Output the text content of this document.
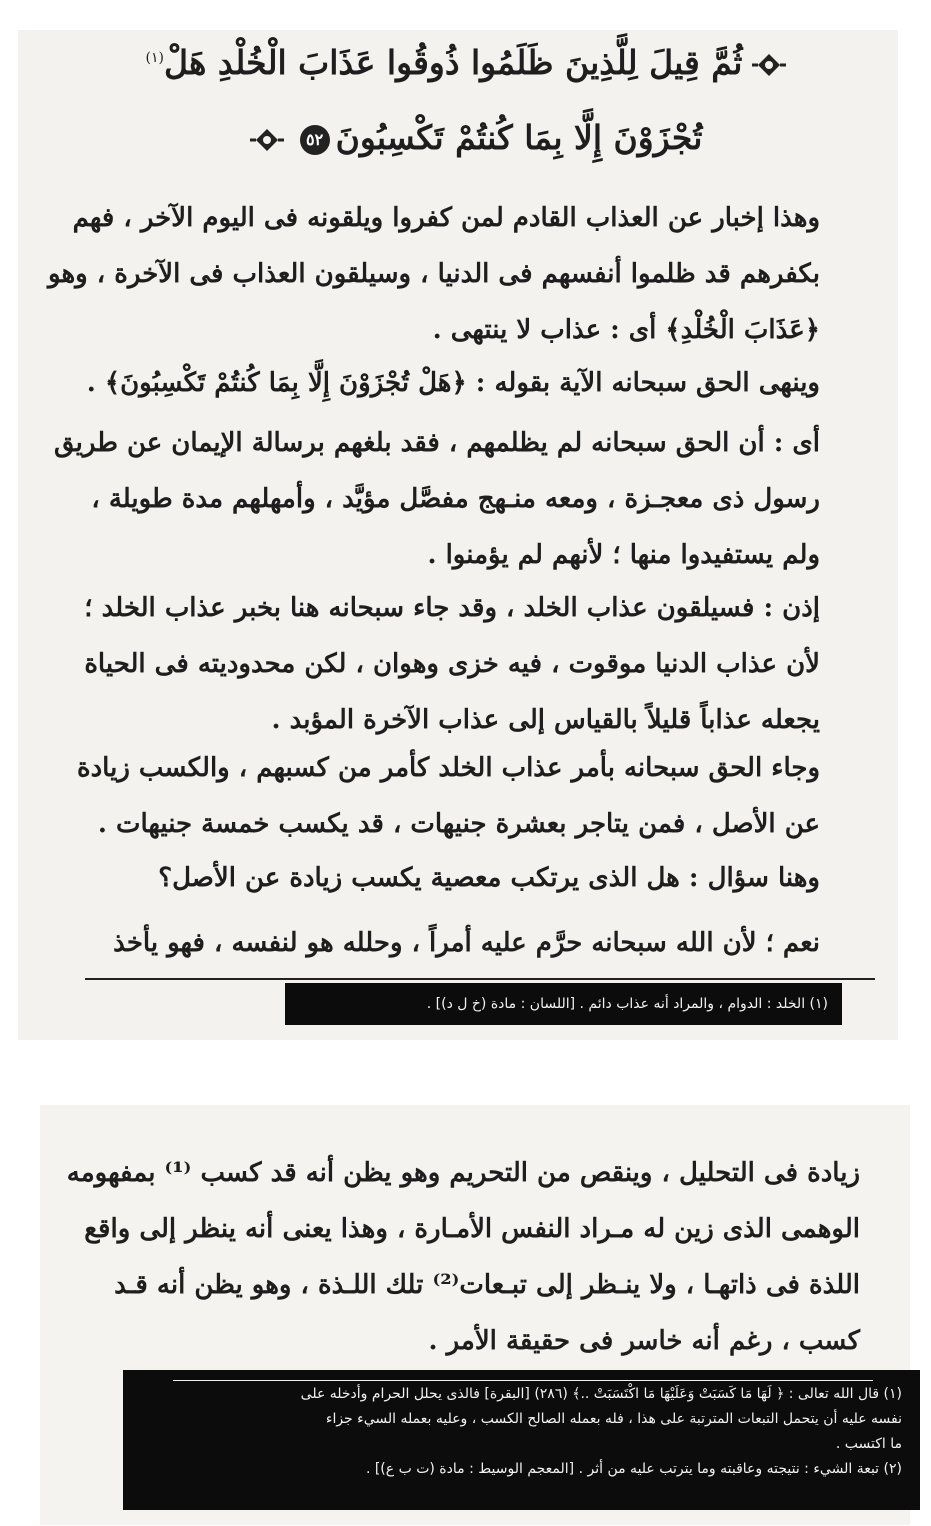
ثُمَّ قِيلَ لِلَّذِينَ ظَلَمُوا ذُوقُوا عَذَابَ الْخُلْدِ هَلْ$^{(١)}$
تُجْزَوْنَ إِلَّا بِمَا كُنتُمْ تَكْسِبُونَ٥٢
وهذا إخبار عن العذاب القادم لمن كفروا ويلقونه فى اليوم الآخر ، فهم
بكفرهم قد ظلموا أنفسهم فى الدنيا ، وسيلقون العذاب فى الآخرة ، وهو
﴿عَذَابَ الْخُلْدِ﴾ أى : عذاب لا ينتهى .
وينهى الحق سبحانه الآية بقوله : ﴿هَلْ تُجْزَوْنَ إِلَّا بِمَا كُنتُمْ تَكْسِبُونَ﴾ .
أى : أن الحق سبحانه لم يظلمهم ، فقد بلغهم برسالة الإيمان عن طريق
رسول ذى معجـزة ، ومعه منـهج مفصَّل مؤيَّد ، وأمهلهم مدة طويلة ،
ولم يستفيدوا منها ؛ لأنهم لم يؤمنوا .
إذن : فسيلقون عذاب الخلد ، وقد جاء سبحانه هنا بخبر عذاب الخلد ؛
لأن عذاب الدنيا موقوت ، فيه خزى وهوان ، لكن محدوديته فى الحياة
يجعله عذاباً قليلاً بالقياس إلى عذاب الآخرة المؤبد .
وجاء الحق سبحانه بأمر عذاب الخلد كأمر من كسبهم ، والكسب زيادة
عن الأصل ، فمن يتاجر بعشرة جنيهات ، قد يكسب خمسة جنيهات .
وهنا سؤال : هل الذى يرتكب معصية يكسب زيادة عن الأصل؟
نعم ؛ لأن الله سبحانه حرَّم عليه أمراً ، وحلله هو لنفسه ، فهو يأخذ
(١) الخلد : الدوام ، والمراد أنه عذاب دائم . [اللسان : مادة (خ ل د)] .
زيادة فى التحليل ، وينقص من التحريم وهو يظن أنه قد كسب ⁽¹⁾ بمفهومه
الوهمى الذى زين له مـراد النفس الأمـارة ، وهذا يعنى أنه ينظر إلى واقع
اللذة فى ذاتهـا ، ولا ينـظر إلى تبـعات⁽²⁾ تلك اللـذة ، وهو يظن أنه قـد
كسب ، رغم أنه خاسر فى حقيقة الأمر .
(١) قال الله تعالى : ﴿ لَهَا مَا كَسَبَتْ وَعَلَيْهَا مَا اكْتَسَبَتْ ..﴾ (٢٨٦) [البقرة] فالذى يحلل الحرام وأدخله على
نفسه عليه أن يتحمل التبعات المترتبة على هذا ، فله بعمله الصالح الكسب ، وعليه بعمله السيء جزاء
ما اكتسب .
(٢) تبعة الشيء : نتيجته وعاقبته وما يترتب عليه من أثر . [المعجم الوسيط : مادة (ت ب ع)] .
